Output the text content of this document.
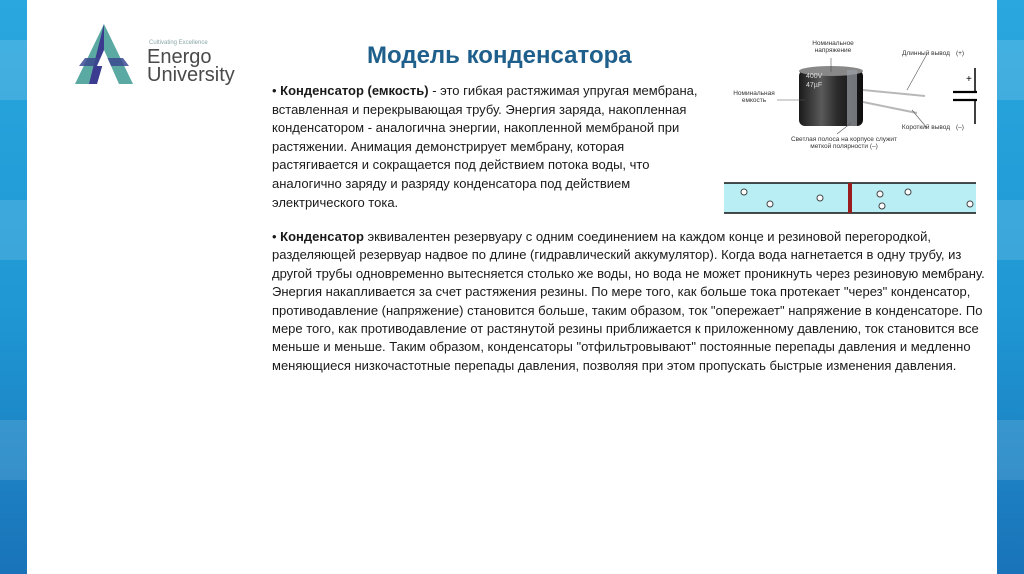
Cultivating Excellence
Energo
University
Модель конденсатора
• Конденсатор (емкость) - это гибкая растяжимая упругая мембрана, вставленная и перекрывающая трубу. Энергия заряда, накопленная конденсатором - аналогична энергии, накопленной мембраной при растяжении. Анимация демонстрирует мембрану, которая растягивается и сокращается под действием потока воды, что аналогично заряду и разряду конденсатора под действием электрического тока.
• Конденсатор эквивалентен резервуару с одним соединением на каждом конце и резиновой перегородкой, разделяющей резервуар надвое по длине (гидравлический аккумулятор). Когда вода нагнетается в одну трубу, из другой трубы одновременно вытесняется столько же воды, но вода не может проникнуть через резиновую мембрану. Энергия накапливается за счет растяжения резины. По мере того, как больше тока протекает "через" конденсатор, противодавление (напряжение) становится больше, таким образом, ток "опережает" напряжение в конденсаторе. По мере того, как противодавление от растянутой резины приближается к приложенному давлению, ток становится все меньше и меньше. Таким образом, конденсаторы "отфильтровывают" постоянные перепады давления и медленно меняющиеся низкочастотные перепады давления, позволяя при этом пропускать быстрые изменения давления.
400V
47µF
Номинальное напряжение
Номинальная емкость
Длинный вывод (+)
Короткий вывод (–)
Светлая полоса на корпусе служит меткой полярности (–)
+
